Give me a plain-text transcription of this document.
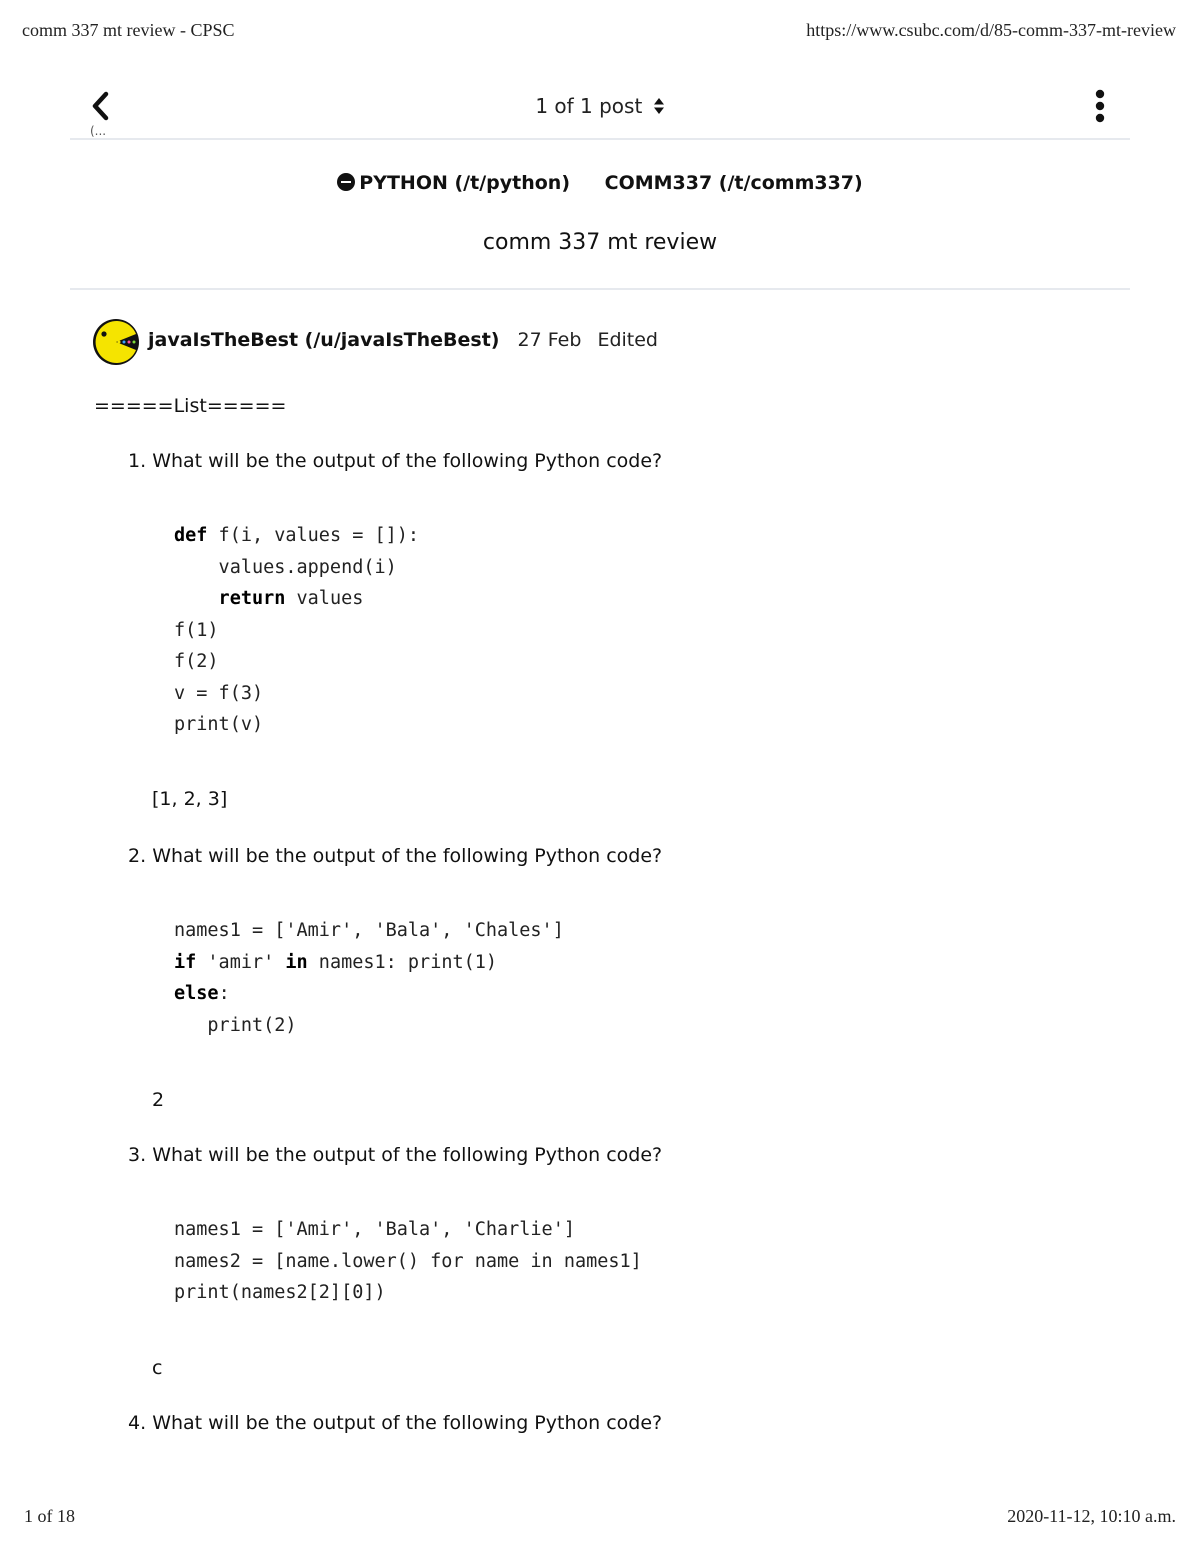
comm 337 mt review - CPSC	https://www.csubc.com/d/85-comm-337-mt-review
1 of 18	2020-11-12, 10:10 a.m.
(...
1 of 1 post
PYTHON (/t/python) COMM337 (/t/comm337)
comm 337 mt review
javaIsTheBest (/u/javaIsTheBest) 27 Feb Edited
=====List=====
1. What will be the output of the following Python code?
def f(i, values = []):
values.append(i)
return values
f(1)
f(2)
v = f(3)
print(v)
[1, 2, 3]
2. What will be the output of the following Python code?
names1 = ['Amir', 'Bala', 'Chales']
if 'amir' in names1: print(1)
else:
print(2)
2
3. What will be the output of the following Python code?
names1 = ['Amir', 'Bala', 'Charlie']
names2 = [name.lower() for name in names1]
print(names2[2][0])
c
4. What will be the output of the following Python code?
